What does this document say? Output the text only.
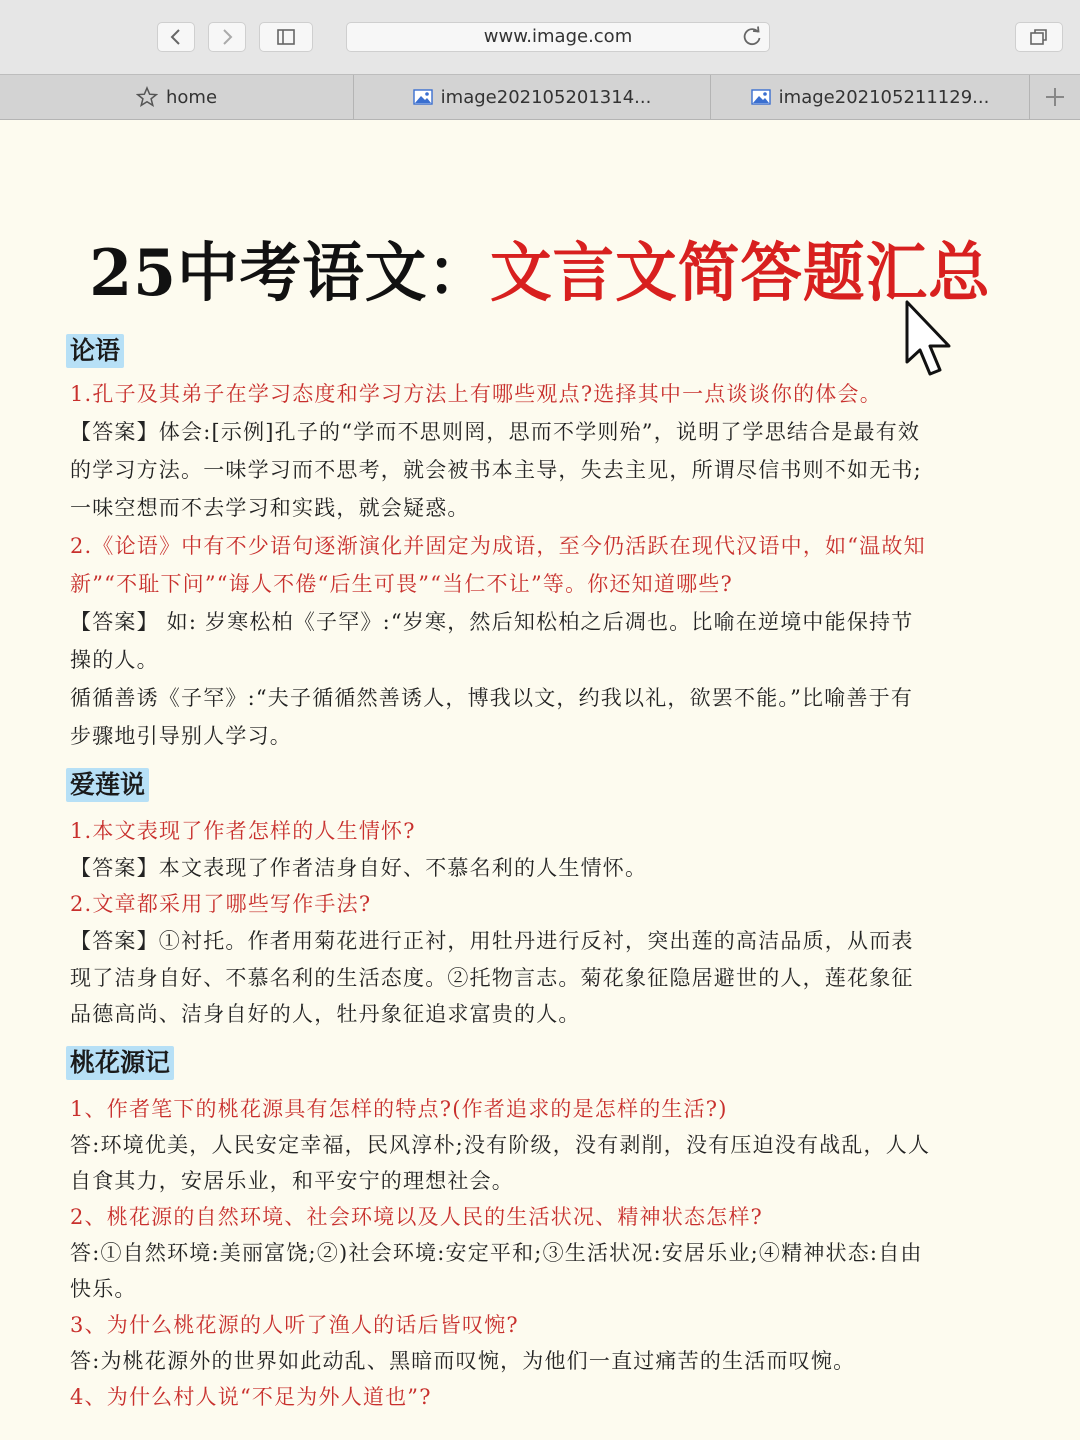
www.image.com
home	image202105201314...	image202105211129...
25中考语文：文言文简答题汇总
论语
爱莲说
桃花源记
1.孔子及其弟子在学习态度和学习方法上有哪些观点?选择其中一点谈谈你的体会。
【答案】体会:[示例]孔子的“学而不思则罔，思而不学则殆”，说明了学思结合是最有效
的学习方法。一味学习而不思考，就会被书本主导，失去主见，所谓尽信书则不如无书;
一味空想而不去学习和实践，就会疑惑。
2.《论语》中有不少语句逐渐演化并固定为成语，至今仍活跃在现代汉语中，如“温故知
新”“不耻下问”“诲人不倦“后生可畏”“当仁不让”等。你还知道哪些?
【答案】 如: 岁寒松柏《子罕》:“岁寒，然后知松柏之后凋也。比喻在逆境中能保持节
操的人。
循循善诱《子罕》:“夫子循循然善诱人，博我以文，约我以礼，欲罢不能。”比喻善于有
步骤地引导别人学习。
1.本文表现了作者怎样的人生情怀?
【答案】本文表现了作者洁身自好、不慕名利的人生情怀。
2.文章都采用了哪些写作手法?
【答案】①衬托。作者用菊花进行正衬，用牡丹进行反衬，突出莲的高洁品质，从而表
现了洁身自好、不慕名利的生活态度。②托物言志。菊花象征隐居避世的人，莲花象征
品德高尚、洁身自好的人，牡丹象征追求富贵的人。
1、作者笔下的桃花源具有怎样的特点?(作者追求的是怎样的生活?)
答:环境优美，人民安定幸福，民风淳朴;没有阶级，没有剥削，没有压迫没有战乱，人人
自食其力，安居乐业，和平安宁的理想社会。
2、桃花源的自然环境、社会环境以及人民的生活状况、精神状态怎样?
答:①自然环境:美丽富饶;②)社会环境:安定平和;③生活状况:安居乐业;④精神状态:自由
快乐。
3、为什么桃花源的人听了渔人的话后皆叹惋?
答:为桃花源外的世界如此动乱、黑暗而叹惋，为他们一直过痛苦的生活而叹惋。
4、为什么村人说“不足为外人道也”?
